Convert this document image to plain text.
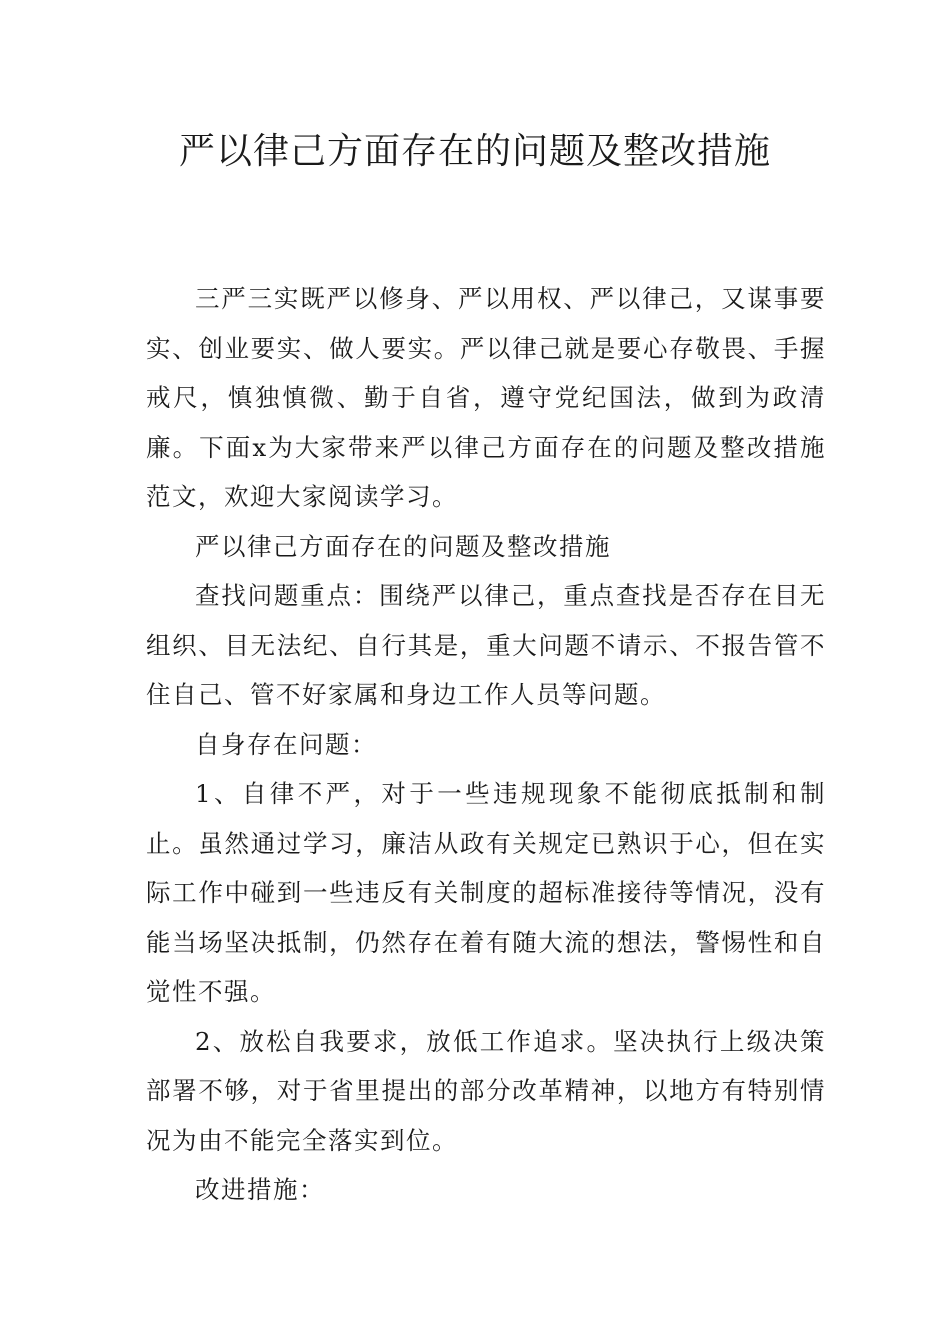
严以律己方面存在的问题及整改措施

三严三实既严以修身、严以用权、严以律己，又谋事要实、创业要实、做人要实。严以律己就是要心存敬畏、手握戒尺，慎独慎微、勤于自省，遵守党纪国法，做到为政清廉。下面x为大家带来严以律己方面存在的问题及整改措施范文，欢迎大家阅读学习。

严以律己方面存在的问题及整改措施

查找问题重点：围绕严以律己，重点查找是否存在目无组织、目无法纪、自行其是，重大问题不请示、不报告管不住自己、管不好家属和身边工作人员等问题。

自身存在问题：

1、自律不严，对于一些违规现象不能彻底抵制和制止。虽然通过学习，廉洁从政有关规定已熟识于心，但在实际工作中碰到一些违反有关制度的超标准接待等情况，没有能当场坚决抵制，仍然存在着有随大流的想法，警惕性和自觉性不强。

2、放松自我要求，放低工作追求。坚决执行上级决策部署不够，对于省里提出的部分改革精神，以地方有特别情况为由不能完全落实到位。

改进措施：
